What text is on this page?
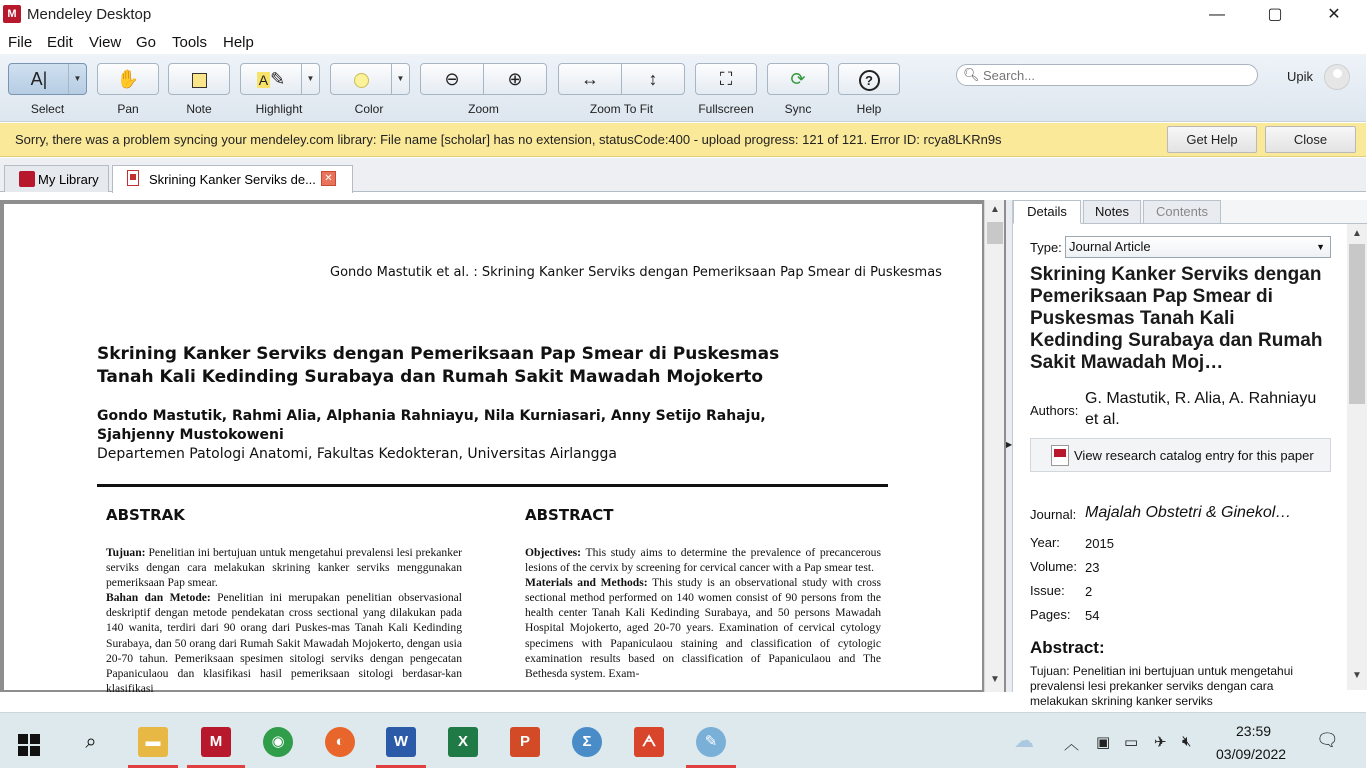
M Mendeley Desktop	—	▢	✕
File Edit View Go Tools Help
A|	▼
Select
✋
Pan	Note
A ✎	▼
Highlight
▼
Color
⊖	⊕
Zoom
↔	↕
Zoom To Fit
⛶
Fullscreen
⟳
Sync
?
Help
🔍︎
Search...	Upik
Sorry, there was a problem syncing your mendeley.com library: File name [scholar] has no extension, statusCode:400 - upload progress: 121 of 121. Error ID: rcya8LKRn9s	Get Help	Close
My Library	Skrining Kanker Serviks de... ✕
Gondo Mastutik et al. : Skrining Kanker Serviks dengan Pemeriksaan Pap Smear di Puskesmas
Skrining Kanker Serviks dengan Pemeriksaan Pap Smear di Puskesmas
Tanah Kali Kedinding Surabaya dan Rumah Sakit Mawadah Mojokerto
Gondo Mastutik, Rahmi Alia, Alphania Rahniayu, Nila Kurniasari, Anny Setijo Rahaju,
Sjahjenny Mustokoweni
Departemen Patologi Anatomi, Fakultas Kedokteran, Universitas Airlangga
ABSTRAK	ABSTRACT
Tujuan: Penelitian ini bertujuan untuk mengetahui prevalensi lesi prekanker serviks dengan cara melakukan skrining kanker serviks menggunakan pemeriksaan Pap smear.
Bahan dan Metode: Penelitian ini merupakan penelitian observasional deskriptif dengan metode pendekatan cross sectional yang dilakukan pada 140 wanita, terdiri dari 90 orang dari Puskes-mas Tanah Kali Kedinding Surabaya, dan 50 orang dari Rumah Sakit Mawadah Mojokerto, dengan usia 20-70 tahun. Pemeriksaan spesimen sitologi serviks dengan pengecatan Papaniculaou dan klasifikasi hasil pemeriksaan sitologi berdasar-kan klasifikasi
Objectives: This study aims to determine the prevalence of precancerous lesions of the cervix by screening for cervical cancer with a Pap smear test.
Materials and Methods: This study is an observational study with cross sectional method performed on 140 women consist of 90 persons from the health center Tanah Kali Kedinding Surabaya, and 50 persons Mawadah Hospital Mojokerto, aged 20-70 years. Examination of cervical cytology specimens with Papaniculaou staining and classification of cytologic examination results based on classification of Papaniculaou and The Bethesda system. Exam-
▲
▼
▶
Details	Notes	Contents
Type: Journal Article	▼
Skrining Kanker Serviks dengan Pemeriksaan Pap Smear di Puskesmas Tanah Kali Kedinding Surabaya dan Rumah Sakit Mawadah Moj…
Authors:
G. Mastutik, R. Alia, A. Rahniayu et al.
View research catalog entry for this paper
Journal: Majalah Obstetri & Ginekol…
Year: 2015
Volume: 23
Issue: 2
Pages: 54
Abstract:
Tujuan: Penelitian ini bertujuan untuk mengetahui prevalensi lesi prekanker serviks dengan cara melakukan skrining kanker serviks
▲
▼
⌕	▬	M	◉	◐	W	X	P	Σ	ᗅ	✎	☁ ︿ ▣ ▭ ✈ 🔇︎
23:59
03/09/2022
🗨︎
